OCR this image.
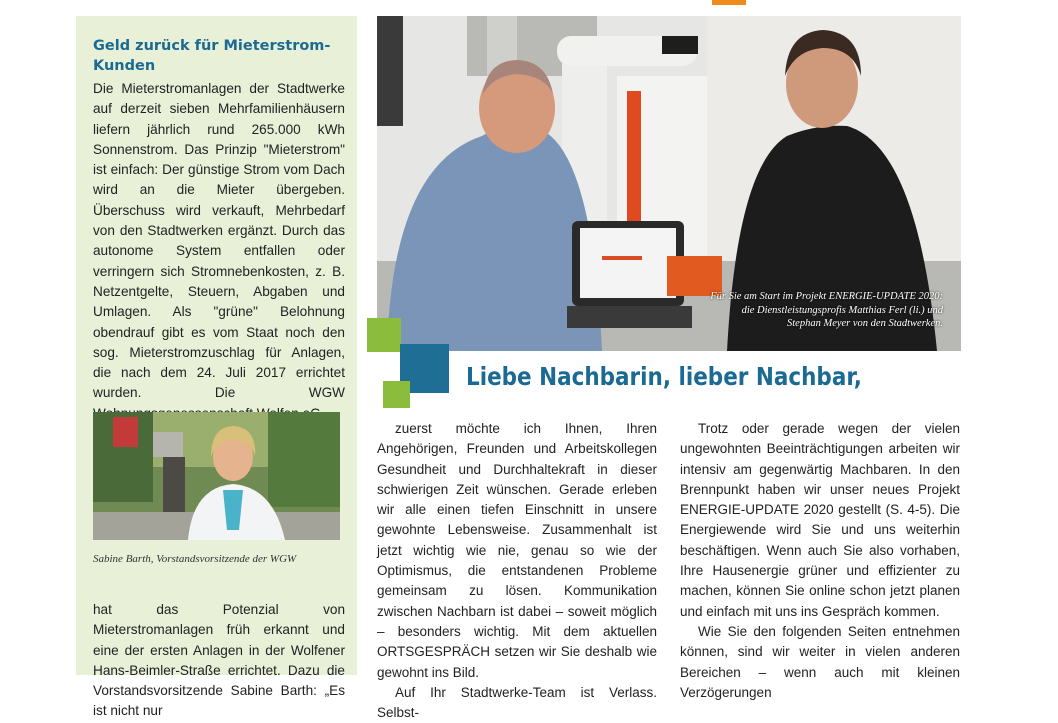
Geld zurück für Mieterstrom-Kunden

Die Mieterstromanlagen der Stadtwerke auf derzeit sieben Mehrfamilienhäusern liefern jährlich rund 265.000 kWh Sonnenstrom. Das Prinzip "Mieterstrom" ist einfach: Der günstige Strom vom Dach wird an die Mieter übergeben. Überschuss wird verkauft, Mehrbedarf von den Stadtwerken ergänzt. Durch das autonome System entfallen oder verringern sich Stromnebenkosten, z. B. Netzentgelte, Steuern, Abgaben und Umlagen. Als "grüne" Belohnung obendrauf gibt es vom Staat noch den sog. Mieterstromzuschlag für Anlagen, die nach dem 24. Juli 2017 errichtet wurden. Die WGW

Sabine Barth, Vorstandsvorsitzende der WGW

hat das Potenzial von Mieterstromanlagen früh erkannt und eine der ersten Anlagen in der Wolfener Hans-Beimler-Straße errichtet. Dazu die Vorstandsvorsitzende Sabine Barth: „Es ist nicht nur

Für Sie am Start im Projekt ENERGIE-UPDATE 2020:
die Dienstleistungsprofis Matthias Ferl (li.) und
Stephan Meyer von den Stadtwerken.
Liebe Nachbarin, lieber Nachbar,

zuerst möchte ich Ihnen, Ihren Angehörigen, Freunden und Arbeitskollegen Gesundheit und Durchhaltekraft in dieser schwierigen Zeit wünschen. Gerade erleben wir alle einen tiefen Einschnitt in unsere gewohnte Lebensweise. Zusammenhalt ist jetzt wichtig wie nie, genau so wie der Optimismus, die entstandenen Probleme gemeinsam zu lösen. Kommunikation zwischen Nachbarn ist dabei – soweit möglich – besonders wichtig. Mit dem aktuellen ORTSGESPRÄCH setzen wir Sie deshalb wie gewohnt ins Bild.

Auf Ihr Stadtwerke-Team ist Verlass. Selbst-

Trotz oder gerade wegen der vielen ungewohnten Beeinträchtigungen arbeiten wir intensiv am gegenwärtig Machbaren. In den Brennpunkt haben wir unser neues Projekt ENERGIE-UPDATE 2020 gestellt (S. 4-5). Die Energiewende wird Sie und uns weiterhin beschäftigen. Wenn auch Sie also vorhaben, Ihre Hausenergie grüner und effizienter zu machen, können Sie online schon jetzt planen und einfach mit uns ins Gespräch kommen.

Wie Sie den folgenden Seiten entnehmen können, sind wir weiter in vielen anderen Bereichen – wenn auch mit kleinen Verzögerungen
